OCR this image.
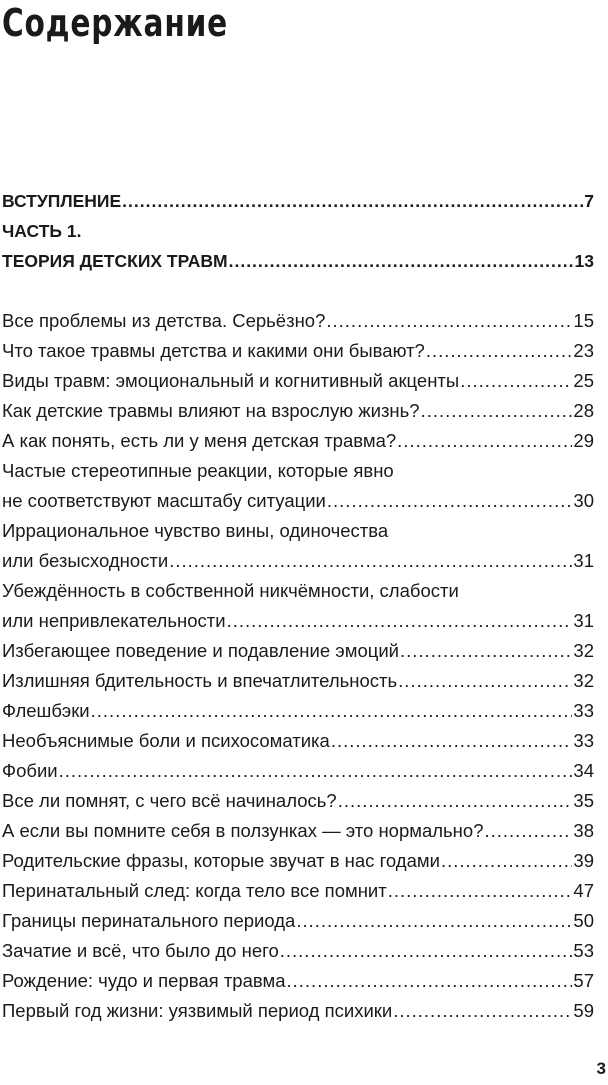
Содержание
ВСТУПЛЕНИЕ .....	7
ЧАСТЬ 1.
ТЕОРИЯ ДЕТСКИХ ТРАВМ .....	13
Все проблемы из детства. Серьёзно? .....	15
Что такое травмы детства и какими они бывают? .....	23
Виды травм: эмоциональный и когнитивный акценты .....	25
Как детские травмы влияют на взрослую жизнь? .....	28
А как понять, есть ли у меня детская травма? .....	29
Частые стереотипные реакции, которые явно
не соответствуют масштабу ситуации .....	30
Иррациональное чувство вины, одиночества
или безысходности .....	31
Убеждённость в собственной никчёмности, слабости
или непривлекательности .....	31
Избегающее поведение и подавление эмоций .....	32
Излишняя бдительность и впечатлительность .....	32
Флешбэки .....	33
Необъяснимые боли и психосоматика .....	33
Фобии .....	34
Все ли помнят, с чего всё начиналось? .....	35
А если вы помните себя в ползунках — это нормально? .....	38
Родительские фразы, которые звучат в нас годами .....	39
Перинатальный след: когда тело все помнит .....	47
Границы перинатального периода .....	50
Зачатие и всё, что было до него .....	53
Рождение: чудо и первая травма .....	57
Первый год жизни: уязвимый период психики .....	59
3
